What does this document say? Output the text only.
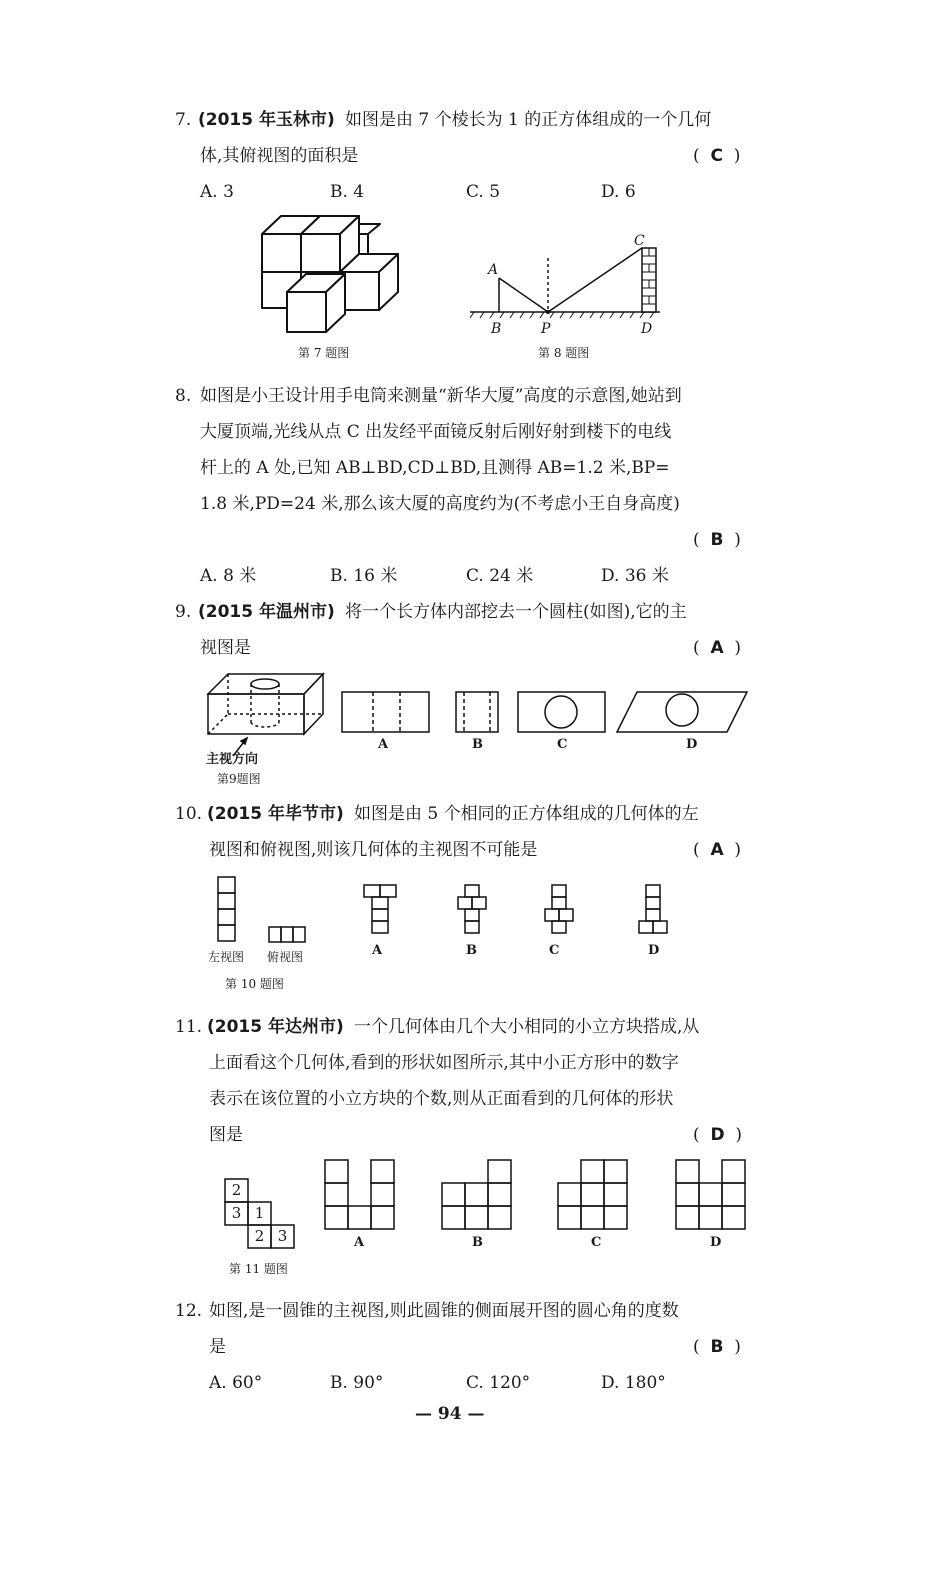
7. (2015 年玉林市) 如图是由 7 个棱长为 1 的正方体组成的一个几何
体,其俯视图的面积是	(  C  )
A. 3	B. 4	C. 5	D. 6
第 7 题图
A
B	P
C
D
第 8 题图
8. 如图是小王设计用手电筒来测量“新华大厦”高度的示意图,她站到
大厦顶端,光线从点 C 出发经平面镜反射后刚好射到楼下的电线
杆上的 A 处,已知 AB⊥BD,CD⊥BD,且测得 AB=1.2 米,BP=
1.8 米,PD=24 米,那么该大厦的高度约为(不考虑小王自身高度)
(  B  )
A. 8 米	B. 16 米	C. 24 米	D. 36 米
9. (2015 年温州市) 将一个长方体内部挖去一个圆柱(如图),它的主
视图是	(  A  )
主视方向
第9题图
A	B	C	D
10. (2015 年毕节市) 如图是由 5 个相同的正方体组成的几何体的左
视图和俯视图,则该几何体的主视图不可能是	(  A  )
左视图 俯视图
第 10 题图
A	B	C	D
11. (2015 年达州市) 一个几何体由几个大小相同的小立方块搭成,从
上面看这个几何体,看到的形状如图所示,其中小正方形中的数字
表示在该位置的小立方块的个数,则从正面看到的几何体的形状
图是	(  D  )
2
3 1
2 3
第 11 题图
A	B	C	D
12. 如图,是一圆锥的主视图,则此圆锥的侧面展开图的圆心角的度数
是	(  B  )
A. 60°	B. 90°	C. 120°	D. 180°
— 94 —
